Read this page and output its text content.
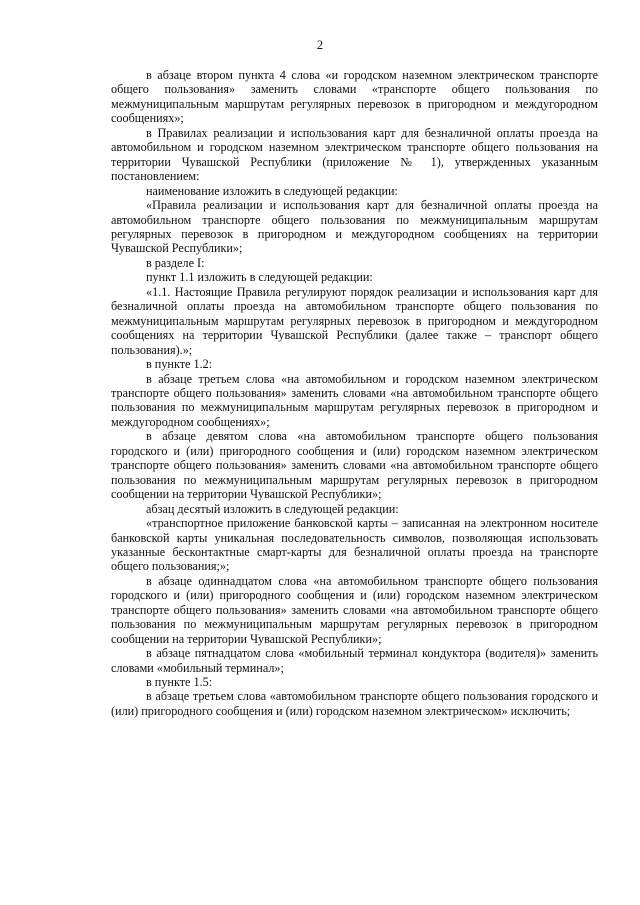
2

в абзаце втором пункта 4 слова «и городском наземном электрическом транспорте общего пользования» заменить словами «транспорте общего пользования по межмуниципальным маршрутам регулярных перевозок в пригородном и междугородном сообщениях»;

в Правилах реализации и использования карт для безналичной оплаты проезда на автомобильном и городском наземном электрическом транспорте общего пользования на территории Чувашской Республики (приложение № 1), утвержденных указанным постановлением:

наименование изложить в следующей редакции:

«Правила реализации и использования карт для безналичной оплаты проезда на автомобильном транспорте общего пользования по межмуниципальным маршрутам регулярных перевозок в пригородном и междугородном сообщениях на территории Чувашской Республики»;

в разделе I:

пункт 1.1 изложить в следующей редакции:

«1.1. Настоящие Правила регулируют порядок реализации и использования карт для безналичной оплаты проезда на автомобильном транспорте общего пользования по межмуниципальным маршрутам регулярных перевозок в пригородном и междугородном сообщениях на территории Чувашской Республики (далее также – транспорт общего пользования).»;

в пункте 1.2:

в абзаце третьем слова «на автомобильном и городском наземном электрическом транспорте общего пользования» заменить словами «на автомобильном транспорте общего пользования по межмуниципальным маршрутам регулярных перевозок в пригородном и междугородном сообщениях»;

в абзаце девятом слова «на автомобильном транспорте общего пользования городского и (или) пригородного сообщения и (или) городском наземном электрическом транспорте общего пользования» заменить словами «на автомобильном транспорте общего пользования по межмуниципальным маршрутам регулярных перевозок в пригородном сообщении на территории Чувашской Республики»;

абзац десятый изложить в следующей редакции:

«транспортное приложение банковской карты – записанная на электронном носителе банковской карты уникальная последовательность символов, позволяющая использовать указанные бесконтактные смарт-карты для безналичной оплаты проезда на транспорте общего пользования;»;

в абзаце одиннадцатом слова «на автомобильном транспорте общего пользования городского и (или) пригородного сообщения и (или) городском наземном электрическом транспорте общего пользования» заменить словами «на автомобильном транспорте общего пользования по межмуниципальным маршрутам регулярных перевозок в пригородном сообщении на территории Чувашской Республики»;

в абзаце пятнадцатом слова «мобильный терминал кондуктора (водителя)» заменить словами «мобильный терминал»;

в пункте 1.5:

в абзаце третьем слова «автомобильном транспорте общего пользования городского и (или) пригородного сообщения и (или) городском наземном электрическом» исключить;
